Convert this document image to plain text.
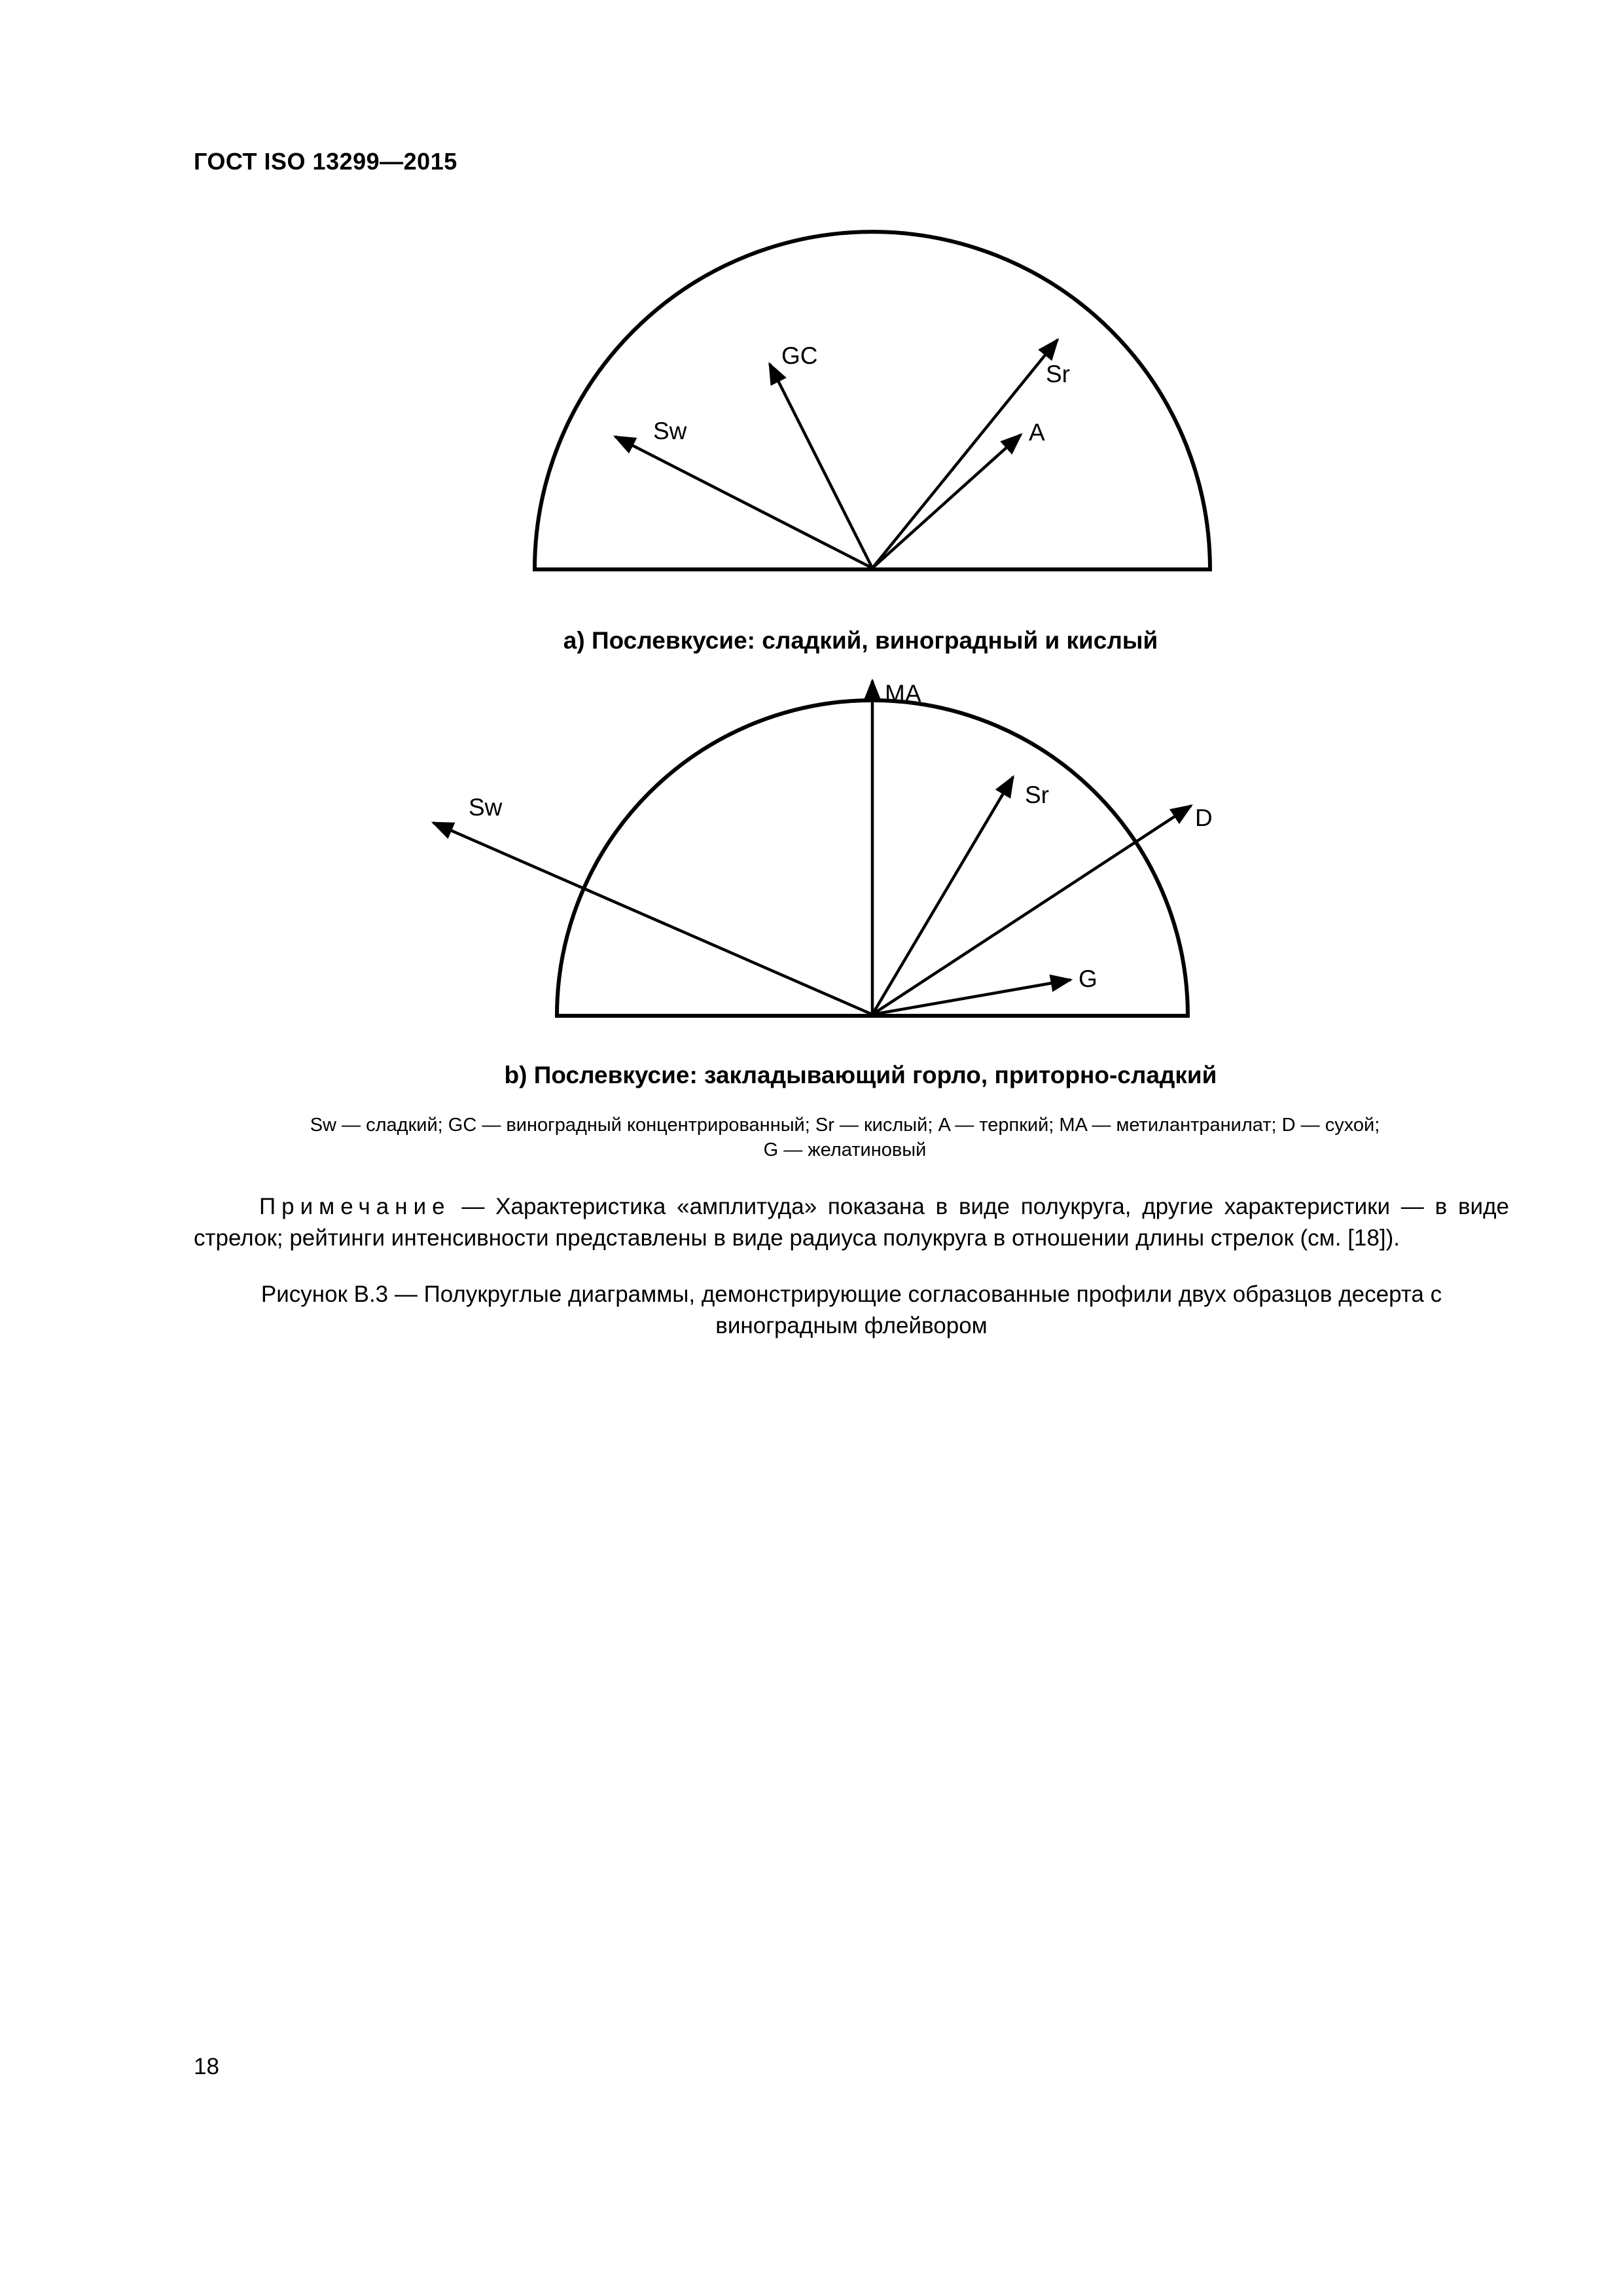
ГОСТ ISO 13299—2015
GC
Sr
Sw	A
MA
Sw	Sr
D
G
a) Послевкусие: сладкий, виноградный и кислый
b) Послевкусие: закладывающий горло, приторно-сладкий
Sw — сладкий; GC — виноградный концентрированный; Sr — кислый; A — терпкий; MA — метилантранилат; D — сухой;
G — желатиновый
Примечание — Характеристика «амплитуда» показана в виде полукруга, другие характеристики — в виде стрелок; рейтинги интенсивности представлены в виде радиуса полукруга в отношении длины стрелок (см. [18]).
Рисунок В.3 — Полукруглые диаграммы, демонстрирующие согласованные профили двух образцов десерта с виноградным флейвором
18
